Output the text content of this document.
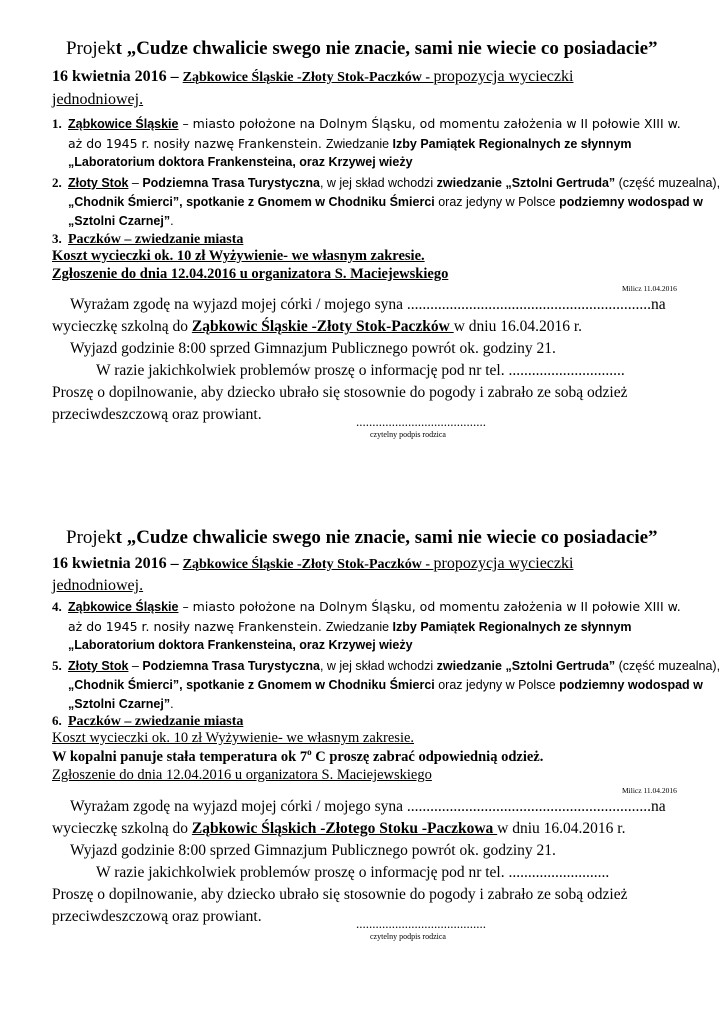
Projekt „Cudze chwalicie swego nie znacie, sami nie wiecie co posiadacie”
16 kwietnia 2016 – Ząbkowice Śląskie -Złoty Stok-Paczków - propozycja wycieczki
jednodniowej.
1. Ząbkowice Śląskie – miasto położone na Dolnym Śląsku, od momentu założenia w II połowie XIII w.
aż do 1945 r. nosiły nazwę Frankenstein. Zwiedzanie Izby Pamiątek Regionalnych ze słynnym
„Laboratorium doktora Frankensteina, oraz Krzywej wieży
2. Złoty Stok – Podziemna Trasa Turystyczna, w jej skład wchodzi zwiedzanie „Sztolni Gertruda” (część muzealna),
„Chodnik Śmierci”, spotkanie z Gnomem w Chodniku Śmierci oraz jedyny w Polsce podziemny wodospad w
„Sztolni Czarnej”.
3. Paczków – zwiedzanie miasta
Koszt wycieczki ok. 10 zł Wyżywienie- we własnym zakresie.
Zgłoszenie do dnia 12.04.2016 u organizatora S. Maciejewskiego
Milicz 11.04.2016
Wyrażam zgodę na wyjazd mojej córki / mojego syna ...............................................................na
wycieczkę szkolną do Ząbkowic Śląskie -Złoty Stok-Paczków w dniu 16.04.2016 r.
Wyjazd godzinie 8:00 sprzed Gimnazjum Publicznego powrót ok. godziny 21.
W razie jakichkolwiek problemów proszę o informację pod nr tel. ..............................
Proszę o dopilnowanie, aby dziecko ubrało się stosownie do pogody i zabrało ze sobą odzież
przeciwdeszczową oraz prowiant.	........................................
czytelny podpis rodzica
Projekt „Cudze chwalicie swego nie znacie, sami nie wiecie co posiadacie”
16 kwietnia 2016 – Ząbkowice Śląskie -Złoty Stok-Paczków - propozycja wycieczki
jednodniowej.
4. Ząbkowice Śląskie – miasto położone na Dolnym Śląsku, od momentu założenia w II połowie XIII w.
aż do 1945 r. nosiły nazwę Frankenstein. Zwiedzanie Izby Pamiątek Regionalnych ze słynnym
„Laboratorium doktora Frankensteina, oraz Krzywej wieży
5. Złoty Stok – Podziemna Trasa Turystyczna, w jej skład wchodzi zwiedzanie „Sztolni Gertruda” (część muzealna),
„Chodnik Śmierci”, spotkanie z Gnomem w Chodniku Śmierci oraz jedyny w Polsce podziemny wodospad w
„Sztolni Czarnej”.
6. Paczków – zwiedzanie miasta
Koszt wycieczki ok. 10 zł Wyżywienie- we własnym zakresie.
W kopalni panuje stała temperatura ok 7$^o$ C proszę zabrać odpowiednią odzież.
Zgłoszenie do dnia 12.04.2016 u organizatora S. Maciejewskiego
Milicz 11.04.2016
Wyrażam zgodę na wyjazd mojej córki / mojego syna ...............................................................na
wycieczkę szkolną do Ząbkowic Śląskich -Złotego Stoku -Paczkowa w dniu 16.04.2016 r.
Wyjazd godzinie 8:00 sprzed Gimnazjum Publicznego powrót ok. godziny 21.
W razie jakichkolwiek problemów proszę o informację pod nr tel. ..........................
Proszę o dopilnowanie, aby dziecko ubrało się stosownie do pogody i zabrało ze sobą odzież
przeciwdeszczową oraz prowiant.	........................................
czytelny podpis rodzica
